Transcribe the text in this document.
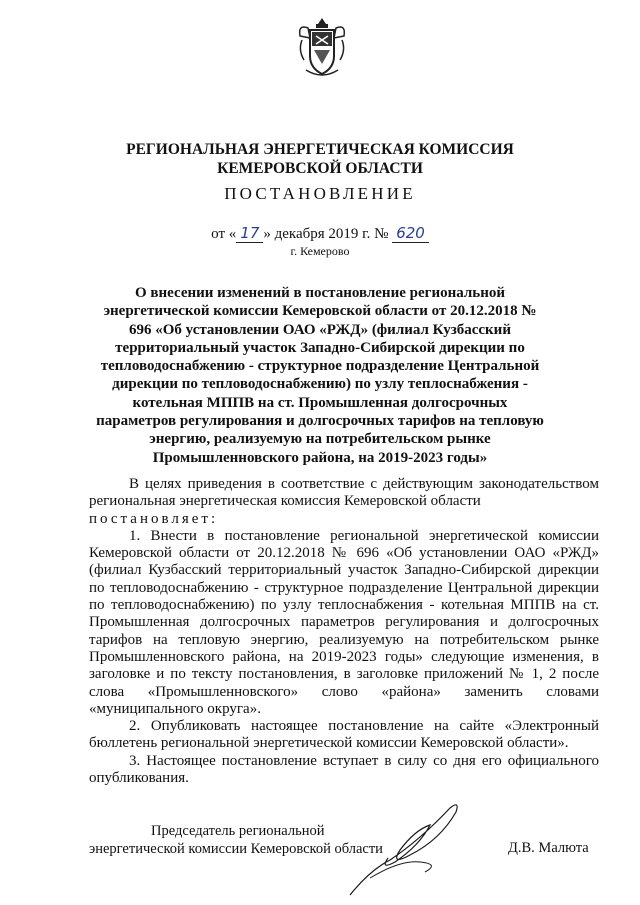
РЕГИОНАЛЬНАЯ ЭНЕРГЕТИЧЕСКАЯ КОМИССИЯ
КЕМЕРОВСКОЙ ОБЛАСТИ
ПОСТАНОВЛЕНИЕ
от « 17 » декабря 2019 г. № 620
г. Кемерово
О внесении изменений в постановление региональной энергетической комиссии Кемеровской области от 20.12.2018 № 696 «Об установлении ОАО «РЖД» (филиал Кузбасский территориальный участок Западно-Сибирской дирекции по тепловодоснабжению - структурное подразделение Центральной дирекции по тепловодоснабжению) по узлу теплоснабжения - котельная МППВ на ст. Промышленная долгосрочных параметров регулирования и долгосрочных тарифов на тепловую энергию, реализуемую на потребительском рынке Промышленновского района, на 2019-2023 годы»

В целях приведения в соответствие с действующим законодательством региональная энергетическая комиссия Кемеровской области

постановляет:

1. Внести в постановление региональной энергетической комиссии Кемеровской области от 20.12.2018 № 696 «Об установлении ОАО «РЖД» (филиал Кузбасский территориальный участок Западно-Сибирской дирекции по тепловодоснабжению - структурное подразделение Центральной дирекции по тепловодоснабжению) по узлу теплоснабжения - котельная МППВ на ст. Промышленная долгосрочных параметров регулирования и долгосрочных тарифов на тепловую энергию, реализуемую на потребительском рынке Промышленновского района, на 2019-2023 годы» следующие изменения, в заголовке и по тексту постановления, в заголовке приложений № 1, 2 после слова «Промышленновского» слово «района» заменить словами «муниципального округа».

2. Опубликовать настоящее постановление на сайте «Электронный бюллетень региональной энергетической комиссии Кемеровской области».

3. Настоящее постановление вступает в силу со дня его официального опубликования.

Председатель региональной
энергетической комиссии Кемеровской области	Д.В. Малюта
